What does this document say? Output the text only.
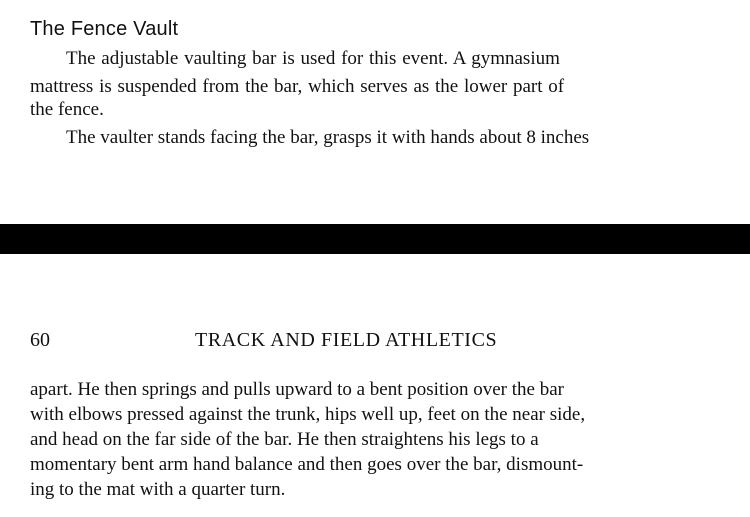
The Fence Vault
The adjustable vaulting bar is used for this event. A gymnasium
mattress is suspended from the bar, which serves as the lower part of
the fence.
The vaulter stands facing the bar, grasps it with hands about 8 inches
60	TRACK AND FIELD ATHLETICS
apart. He then springs and pulls upward to a bent position over the bar
with elbows pressed against the trunk, hips well up, feet on the near side,
and head on the far side of the bar. He then straightens his legs to a
momentary bent arm hand balance and then goes over the bar, dismount-
ing to the mat with a quarter turn.
